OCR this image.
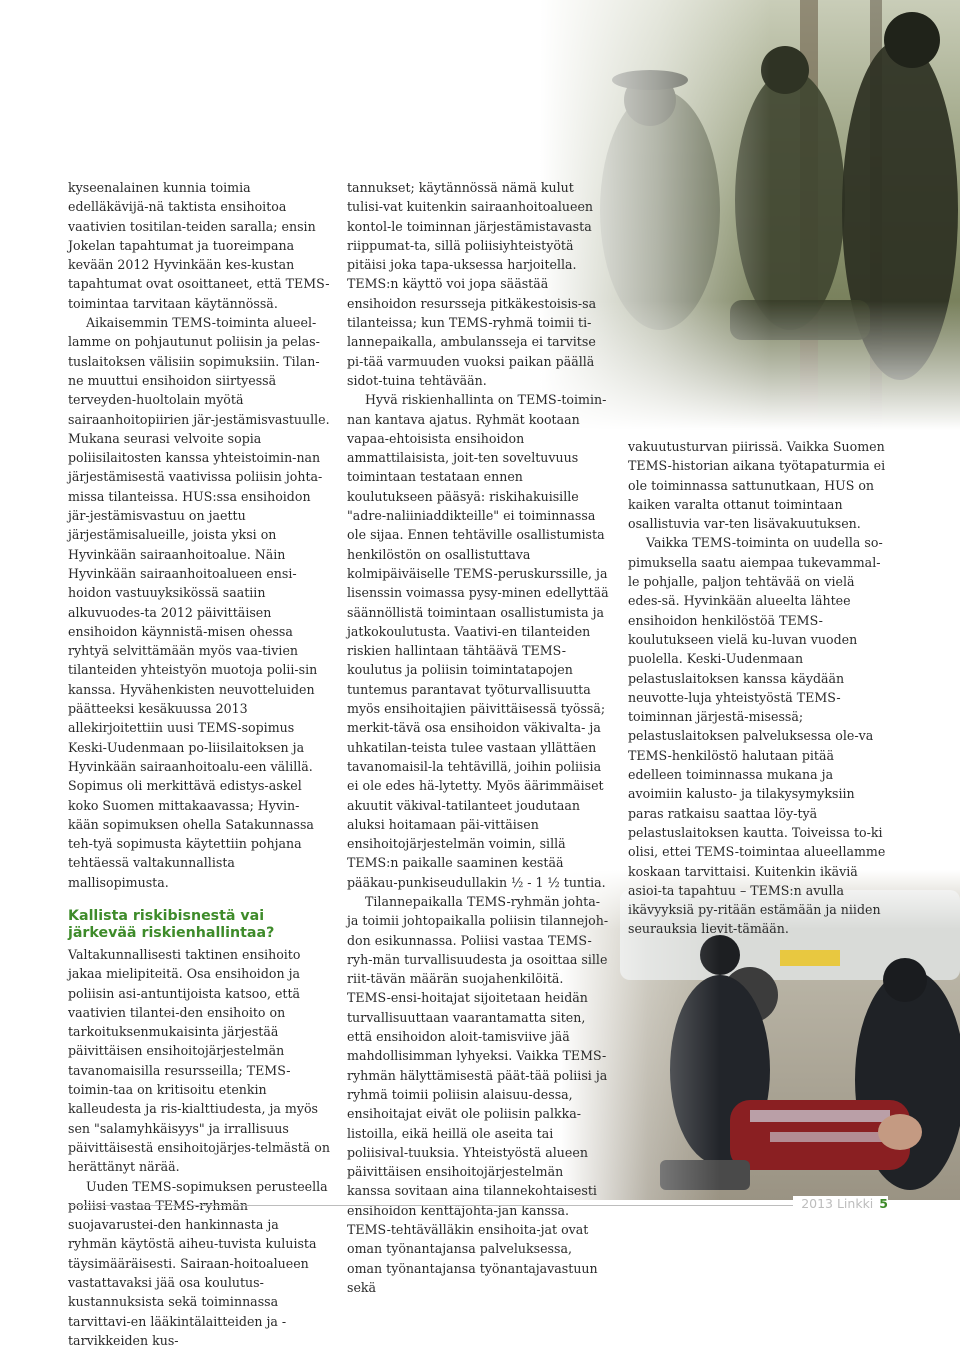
kyseenalainen kunnia toimia edelläkävijä-nä taktista ensihoitoa vaativien tositilan-teiden saralla; ensin Jokelan tapahtumat ja tuoreimpana kevään 2012 Hyvinkään kes-kustan tapahtumat ovat osoittaneet, että TEMS-toimintaa tarvitaan käytännössä.

Aikaisemmin TEMS-toiminta alueel-lamme on pohjautunut poliisin ja pelas-tuslaitoksen välisiin sopimuksiin. Tilan-ne muuttui ensihoidon siirtyessä terveyden-huoltolain myötä sairaanhoitopiirien jär-jestämisvastuulle. Mukana seurasi velvoite sopia poliisilaitosten kanssa yhteistoimin-nan järjestämisestä vaativissa poliisin johta-missa tilanteissa. HUS:ssa ensihoidon jär-jestämisvastuu on jaettu järjestämisalueille, joista yksi on Hyvinkään sairaanhoitoalue. Näin Hyvinkään sairaanhoitoalueen ensi-hoidon vastuuyksikössä saatiin alkuvuodes-ta 2012 päivittäisen ensihoidon käynnistä-misen ohessa ryhtyä selvittämään myös vaa-tivien tilanteiden yhteistyön muotoja polii-sin kanssa. Hyvähenkisten neuvotteluiden päätteeksi kesäkuussa 2013 allekirjoitettiin uusi TEMS-sopimus Keski-Uudenmaan po-liisilaitoksen ja Hyvinkään sairaanhoitoalu-een välillä. Sopimus oli merkittävä edistys-askel koko Suomen mittakaavassa; Hyvin-kään sopimuksen ohella Satakunnassa teh-tyä sopimusta käytettiin pohjana tehtäessä valtakunnallista mallisopimusta.

Kallista riskibisnestä vai järkevää riskienhallintaa?

Valtakunnallisesti taktinen ensihoito jakaa mielipiteitä. Osa ensihoidon ja poliisin asi-antuntijoista katsoo, että vaativien tilantei-den ensihoito on tarkoituksenmukaisinta järjestää päivittäisen ensihoitojärjestelmän tavanomaisilla resursseilla; TEMS-toimin-taa on kritisoitu etenkin kalleudesta ja ris-kialttiudesta, ja myös sen "salamyhkäisyys" ja irrallisuus päivittäisestä ensihoitojärjes-telmästä on herättänyt närää.

Uuden TEMS-sopimuksen perusteella poliisi vastaa TEMS-ryhmän suojavarustei-den hankinnasta ja ryhmän käytöstä aiheu-tuvista kuluista täysimääräisesti. Sairaan-hoitoalueen vastattavaksi jää osa koulutus-kustannuksista sekä toiminnassa tarvittavi-en lääkintälaitteiden ja -tarvikkeiden kus-

tannukset; käytännössä nämä kulut tulisi-vat kuitenkin sairaanhoitoalueen kontol-le toiminnan järjestämistavasta riippumat-ta, sillä poliisiyhteistyötä pitäisi joka tapa-uksessa harjoitella. TEMS:n käyttö voi jopa säästää ensihoidon resursseja pitkäkestoisis-sa tilanteissa; kun TEMS-ryhmä toimii ti-lannepaikalla, ambulansseja ei tarvitse pi-tää varmuuden vuoksi paikan päällä sidot-tuina tehtävään.

Hyvä riskienhallinta on TEMS-toimin-nan kantava ajatus. Ryhmät kootaan vapaa-ehtoisista ensihoidon ammattilaisista, joit-ten soveltuvuus toimintaan testataan ennen koulutukseen pääsyä: riskihakuisille "adre-naliiniaddikteille" ei toiminnassa ole sijaa. Ennen tehtäville osallistumista henkilöstön on osallistuttava kolmipäiväiselle TEMS-peruskurssille, ja lisenssin voimassa pysy-minen edellyttää säännöllistä toimintaan osallistumista ja jatkokoulutusta. Vaativi-en tilanteiden riskien hallintaan tähtäävä TEMS-koulutus ja poliisin toimintatapojen tuntemus parantavat työturvallisuutta myös ensihoitajien päivittäisessä työssä; merkit-tävä osa ensihoidon väkivalta- ja uhkatilan-teista tulee vastaan yllättäen tavanomaisil-la tehtävillä, joihin poliisia ei ole edes hä-lytetty. Myös äärimmäiset akuutit väkival-tatilanteet joudutaan aluksi hoitamaan päi-vittäisen ensihoitojärjestelmän voimin, sillä TEMS:n paikalle saaminen kestää pääkau-punkiseudullakin ½ - 1 ½ tuntia.

Tilannepaikalla TEMS-ryhmän johta-ja toimii johtopaikalla poliisin tilannejoh-don esikunnassa. Poliisi vastaa TEMS-ryh-män turvallisuudesta ja osoittaa sille riit-tävän määrän suojahenkilöitä. TEMS-ensi-hoitajat sijoitetaan heidän turvallisuuttaan vaarantamatta siten, että ensihoidon aloit-tamisviive jää mahdollisimman lyhyeksi. Vaikka TEMS-ryhmän hälyttämisestä päät-tää poliisi ja ryhmä toimii poliisin alaisuu-dessa, ensihoitajat eivät ole poliisin palkka-listoilla, eikä heillä ole aseita tai poliisival-tuuksia. Yhteistyöstä alueen päivittäisen ensihoitojärjestelmän kanssa sovitaan aina tilannekohtaisesti ensihoidon kenttäjohta-jan kanssa. TEMS-tehtävälläkin ensihoita-jat ovat oman työnantajansa palveluksessa, oman työnantajansa työnantajavastuun sekä

vakuutusturvan piirissä. Vaikka Suomen TEMS-historian aikana työtapaturmia ei ole toiminnassa sattunutkaan, HUS on kaiken varalta ottanut toimintaan osallistuvia var-ten lisävakuutuksen.

Vaikka TEMS-toiminta on uudella so-pimuksella saatu aiempaa tukevammal-le pohjalle, paljon tehtävää on vielä edes-sä. Hyvinkään alueelta lähtee ensihoidon henkilöstöä TEMS-koulutukseen vielä ku-luvan vuoden puolella. Keski-Uudenmaan pelastuslaitoksen kanssa käydään neuvotte-luja yhteistyöstä TEMS-toiminnan järjestä-misessä; pelastuslaitoksen palveluksessa ole-va TEMS-henkilöstö halutaan pitää edelleen toiminnassa mukana ja avoimiin kalusto- ja tilakysymyksiin paras ratkaisu saattaa löy-tyä pelastuslaitoksen kautta. Toiveissa to-ki olisi, ettei TEMS-toimintaa alueellamme koskaan tarvittaisi. Kuitenkin ikäviä asioi-ta tapahtuu – TEMS:n avulla ikävyyksiä py-ritään estämään ja niiden seurauksia lievit-tämään.

2013 Linkki 5
